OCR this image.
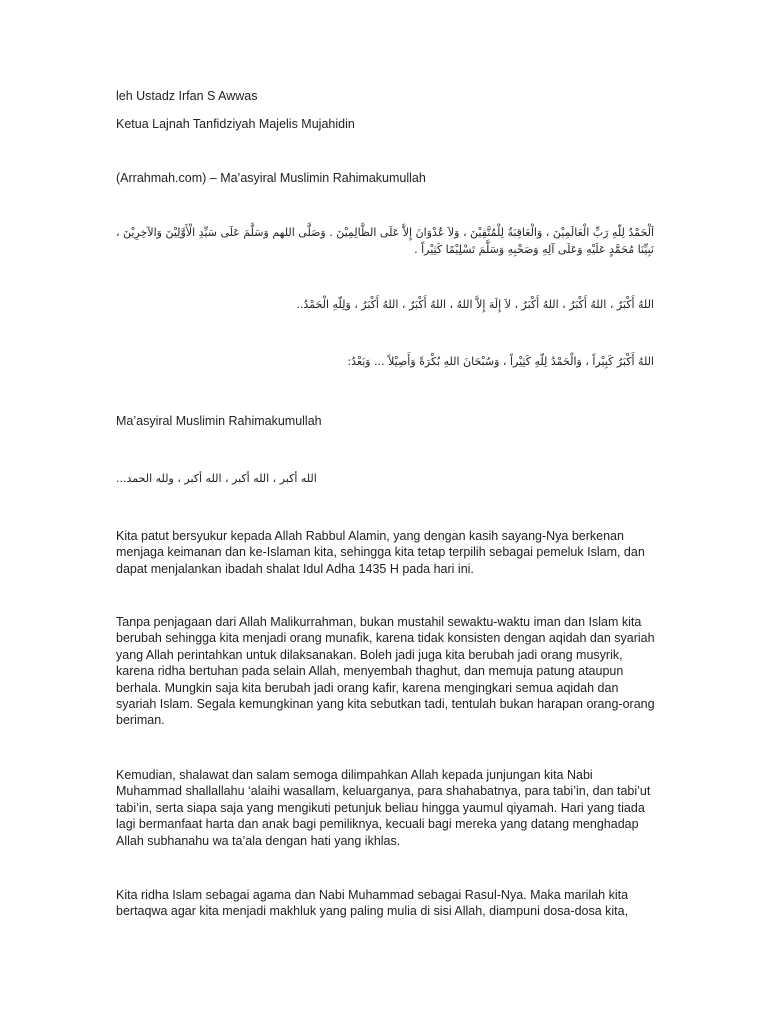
leh Ustadz Irfan S Awwas

Ketua Lajnah Tanfidziyah Majelis Mujahidin

(Arrahmah.com) – Ma’asyiral Muslimin Rahimakumullah

اَلْحَمْدُ لِلّهِ رَبِّ الْعَالَمِيْنَ ، وَالْعَاقِبَةُ لِلْمُتَّقِيْنَ ، وَلاَ عُدْوَانَ إِلاَّ عَلَى الظَّالِمِيْنَ . وَصَلَّى اللهم وَسَلَّمَ عَلَى سَيِّدِ الْأَوَّلِيْنَ وَالآخِرِيْنَ ، نَبِيِّنَا مُحَمَّدٍ عَلَيْهِ وَعَلَى آلِهِ وَصَحْبِهِ وَسَلَّمَ تَسْلِيْمًا كَثِيْراً .

اللهُ أَكْبَرُ ، اللهُ أَكْبَرُ ، اللهُ أَكْبَرُ ، لاَ إِلَهَ إِلاَّ اللهُ ، اللهُ أَكْبَرُ ، اللهُ أَكْبَرُ ، وَلِلّهِ الْحَمْدُ..

اللهُ أَكْبَرُ كَبِيْراً ، وَالْحَمْدُ لِلّهِ كَثِيْراً ، وَسُبْحَانَ اللهِ بُكْرَةً وَأَصِيْلاً ... وَبَعْدُ:

Ma’asyiral Muslimin Rahimakumullah

الله أكبر ، الله أكبر ، الله أكبر ، ولله الحمد...

Kita patut bersyukur kepada Allah Rabbul Alamin, yang dengan kasih sayang-Nya berkenan menjaga keimanan dan ke-Islaman kita, sehingga kita tetap terpilih sebagai pemeluk Islam, dan dapat menjalankan ibadah shalat Idul Adha 1435 H pada hari ini.

Tanpa penjagaan dari Allah Malikurrahman, bukan mustahil sewaktu-waktu iman dan Islam kita berubah sehingga kita menjadi orang munafik, karena tidak konsisten dengan aqidah dan syariah yang Allah perintahkan untuk dilaksanakan. Boleh jadi juga kita berubah jadi orang musyrik, karena ridha bertuhan pada selain Allah, menyembah thaghut, dan memuja patung ataupun berhala. Mungkin saja kita berubah jadi orang kafir, karena mengingkari semua aqidah dan syariah Islam. Segala kemungkinan yang kita sebutkan tadi, tentulah bukan harapan orang-orang beriman.

Kemudian, shalawat dan salam semoga dilimpahkan Allah kepada junjungan kita Nabi Muhammad shallallahu ‘alaihi wasallam, keluarganya, para shahabatnya, para tabi’in, dan tabi’ut tabi’in, serta siapa saja yang mengikuti petunjuk beliau hingga yaumul qiyamah. Hari yang tiada lagi bermanfaat harta dan anak bagi pemiliknya, kecuali bagi mereka yang datang menghadap Allah subhanahu wa ta’ala dengan hati yang ikhlas.

Kita ridha Islam sebagai agama dan Nabi Muhammad sebagai Rasul-Nya. Maka marilah kita bertaqwa agar kita menjadi makhluk yang paling mulia di sisi Allah, diampuni dosa-dosa kita,
